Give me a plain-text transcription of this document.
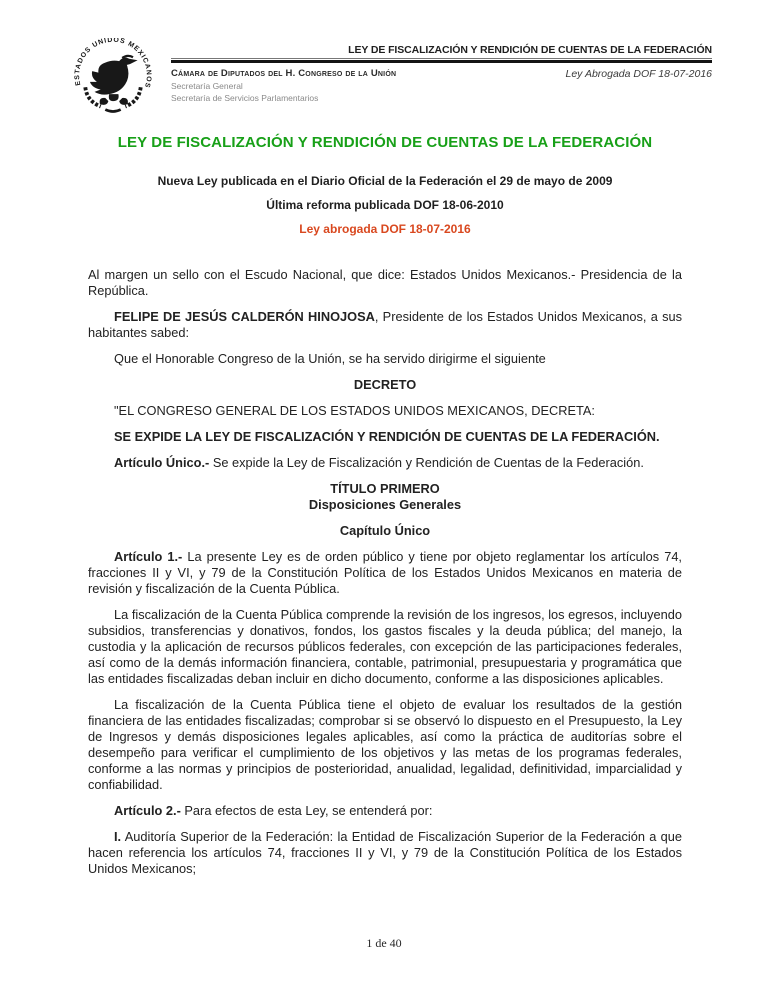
ESTADOS UNIDOS MEXICANOS
LEY DE FISCALIZACIÓN Y RENDICIÓN DE CUENTAS DE LA FEDERACIÓN
Cámara de Diputados del H. Congreso de la Unión
Secretaría General
Secretaría de Servicios Parlamentarios
Ley Abrogada DOF 18-07-2016
LEY DE FISCALIZACIÓN Y RENDICIÓN DE CUENTAS DE LA FEDERACIÓN
Nueva Ley publicada en el Diario Oficial de la Federación el 29 de mayo de 2009
Última reforma publicada DOF 18-06-2010
Ley abrogada DOF 18-07-2016

Al margen un sello con el Escudo Nacional, que dice: Estados Unidos Mexicanos.- Presidencia de la República.

FELIPE DE JESÚS CALDERÓN HINOJOSA, Presidente de los Estados Unidos Mexicanos, a sus habitantes sabed:

Que el Honorable Congreso de la Unión, se ha servido dirigirme el siguiente

DECRETO

"EL CONGRESO GENERAL DE LOS ESTADOS UNIDOS MEXICANOS, DECRETA:

SE EXPIDE LA LEY DE FISCALIZACIÓN Y RENDICIÓN DE CUENTAS DE LA FEDERACIÓN.

Artículo Único.- Se expide la Ley de Fiscalización y Rendición de Cuentas de la Federación.

TÍTULO PRIMERO
Disposiciones Generales
Capítulo Único

Artículo 1.- La presente Ley es de orden público y tiene por objeto reglamentar los artículos 74, fracciones II y VI, y 79 de la Constitución Política de los Estados Unidos Mexicanos en materia de revisión y fiscalización de la Cuenta Pública.

La fiscalización de la Cuenta Pública comprende la revisión de los ingresos, los egresos, incluyendo subsidios, transferencias y donativos, fondos, los gastos fiscales y la deuda pública; del manejo, la custodia y la aplicación de recursos públicos federales, con excepción de las participaciones federales, así como de la demás información financiera, contable, patrimonial, presupuestaria y programática que las entidades fiscalizadas deban incluir en dicho documento, conforme a las disposiciones aplicables.

La fiscalización de la Cuenta Pública tiene el objeto de evaluar los resultados de la gestión financiera de las entidades fiscalizadas; comprobar si se observó lo dispuesto en el Presupuesto, la Ley de Ingresos y demás disposiciones legales aplicables, así como la práctica de auditorías sobre el desempeño para verificar el cumplimiento de los objetivos y las metas de los programas federales, conforme a las normas y principios de posterioridad, anualidad, legalidad, definitividad, imparcialidad y confiabilidad.

Artículo 2.- Para efectos de esta Ley, se entenderá por:

I. Auditoría Superior de la Federación: la Entidad de Fiscalización Superior de la Federación a que hacen referencia los artículos 74, fracciones II y VI, y 79 de la Constitución Política de los Estados Unidos Mexicanos;

1 de 40
